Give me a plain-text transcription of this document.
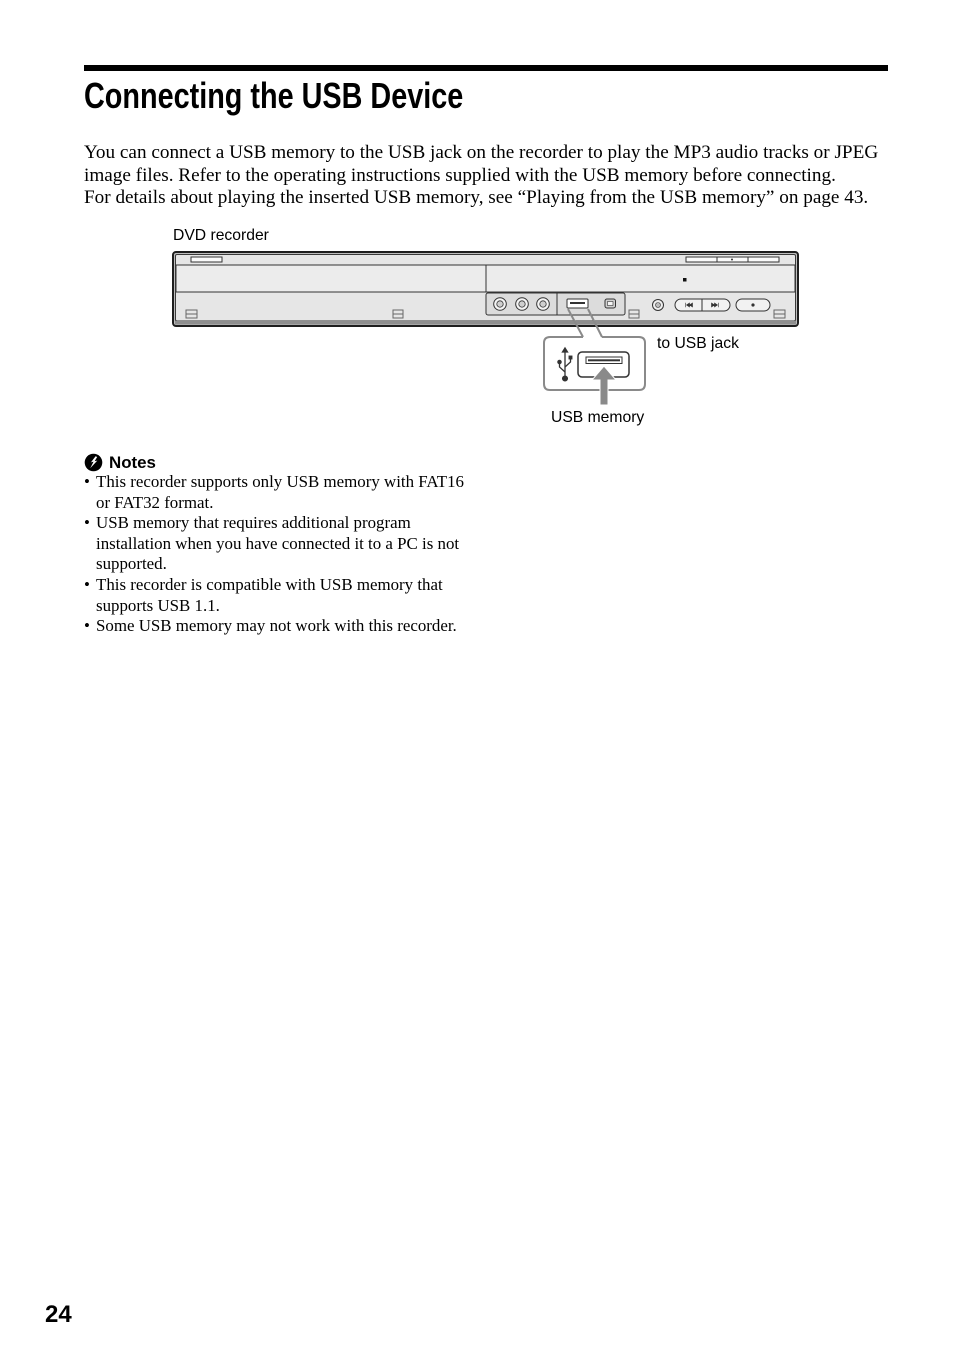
Connecting the USB Device

You can connect a USB memory to the USB jack on the recorder to play the MP3 audio tracks or JPEG image files. Refer to the operating instructions supplied with the USB memory before connecting.

For details about playing the inserted USB memory, see “Playing from the USB memory” on page 43.

DVD recorder
to USB jack
USB memory
Notes
• This recorder supports only USB memory with FAT16 or FAT32 format.
• USB memory that requires additional program installation when you have connected it to a PC is not supported.
• This recorder is compatible with USB memory that supports USB 1.1.
• Some USB memory may not work with this recorder.
24
